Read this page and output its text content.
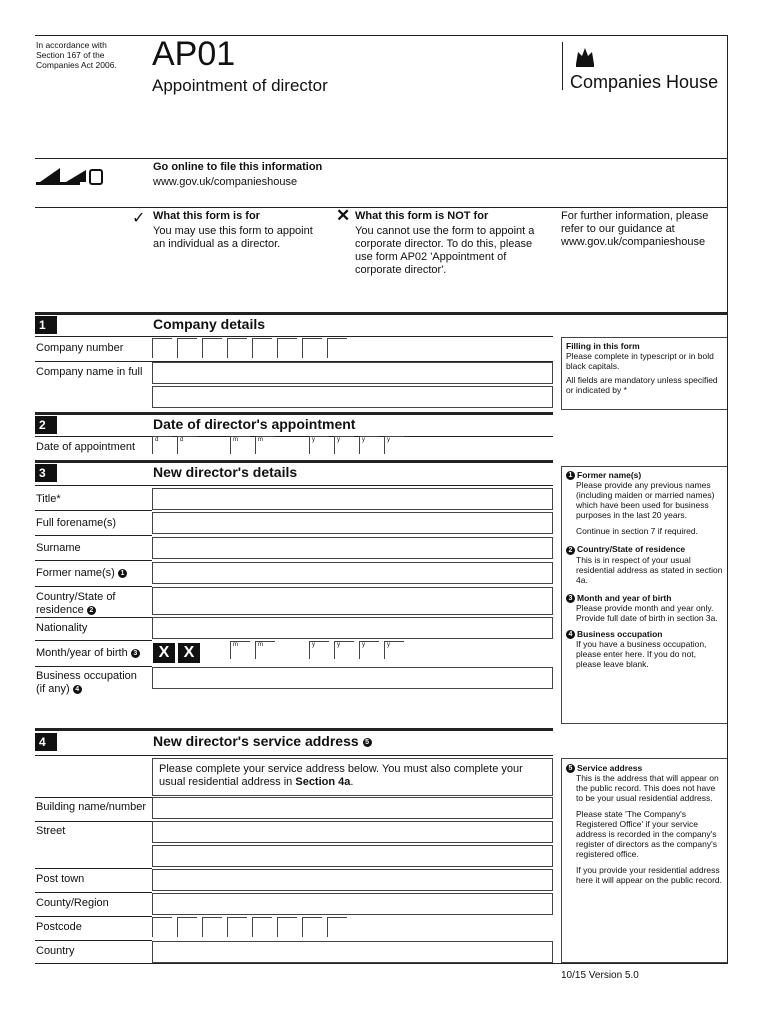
In accordance with Section 167 of the Companies Act 2006.	AP01
Appointment of director	Companies House
Go online to file this information
www.gov.uk/companieshouse
✓ What this form is for
You may use this form to appoint an individual as a director.
✕ What this form is NOT for
You cannot use the form to appoint a corporate director. To do this, please use form AP02 'Appointment of corporate director'.
For further information, please refer to our guidance at www.gov.uk/companieshouse
1	Company details
Company number
Company name in full
Filling in this form
Please complete in typescript or in bold black capitals.
All fields are mandatory unless specified or indicated by *
2	Date of director's appointment
Date of appointment
d	d	m	m	y	y	y	y
3	New director's details
Title*
Full forename(s)
Surname
Former name(s) 1
Country/State of residence 2
Nationality
Month/year of birth 3	X X	m	m	y	y	y	y
Business occupation (if any) 4
1 Former name(s)
Please provide any previous names (including maiden or married names) which have been used for business purposes in the last 20 years.
Continue in section 7 if required.
2 Country/State of residence
This is in respect of your usual residential address as stated in section 4a.
3 Month and year of birth
Please provide month and year only. Provide full date of birth in section 3a.
4 Business occupation
If you have a business occupation, please enter here. If you do not, please leave blank.
4	New director's service address 5
Please complete your service address below. You must also complete your usual residential address in Section 4a.
Building name/number
Street
Post town
County/Region
Postcode
Country
5 Service address
This is the address that will appear on the public record. This does not have to be your usual residential address.
Please state 'The Company's Registered Office' if your service address is recorded in the company's register of directors as the company's registered office.
If you provide your residential address here it will appear on the public record.
10/15 Version 5.0
